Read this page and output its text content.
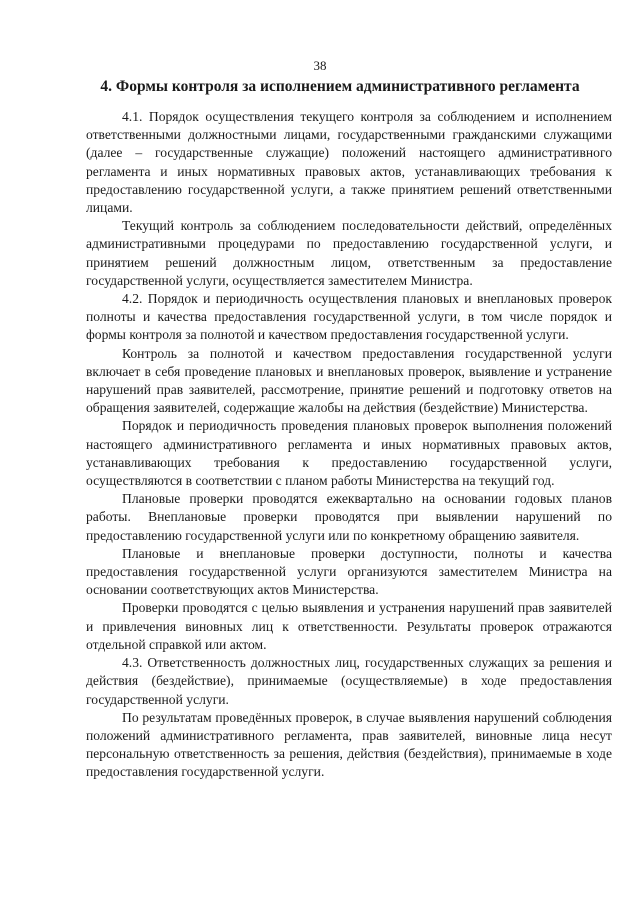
38
4. Формы контроля за исполнением административного регламента

4.1. Порядок осуществления текущего контроля за соблюдением и исполнением ответственными должностными лицами, государственными гражданскими служащими (далее – государственные служащие) положений настоящего административного регламента и иных нормативных правовых актов, устанавливающих требования к предоставлению государственной услуги, а также принятием решений ответственными лицами.

Текущий контроль за соблюдением последовательности действий, определённых административными процедурами по предоставлению государственной услуги, и принятием решений должностным лицом, ответственным за предоставление государственной услуги, осуществляется заместителем Министра.

4.2. Порядок и периодичность осуществления плановых и внеплановых проверок полноты и качества предоставления государственной услуги, в том числе порядок и формы контроля за полнотой и качеством предоставления государственной услуги.

Контроль за полнотой и качеством предоставления государственной услуги включает в себя проведение плановых и внеплановых проверок, выявление и устранение нарушений прав заявителей, рассмотрение, принятие решений и подготовку ответов на обращения заявителей, содержащие жалобы на действия (бездействие) Министерства.

Порядок и периодичность проведения плановых проверок выполнения положений настоящего административного регламента и иных нормативных правовых актов, устанавливающих требования к предоставлению государственной услуги, осуществляются в соответствии с планом работы Министерства на текущий год.

Плановые проверки проводятся ежеквартально на основании годовых планов работы. Внеплановые проверки проводятся при выявлении нарушений по предоставлению государственной услуги или по конкретному обращению заявителя.

Плановые и внеплановые проверки доступности, полноты и качества предоставления государственной услуги организуются заместителем Министра на основании соответствующих актов Министерства.

Проверки проводятся с целью выявления и устранения нарушений прав заявителей и привлечения виновных лиц к ответственности. Результаты проверок отражаются отдельной справкой или актом.

4.3. Ответственность должностных лиц, государственных служащих за решения и действия (бездействие), принимаемые (осуществляемые) в ходе предоставления государственной услуги.

По результатам проведённых проверок, в случае выявления нарушений соблюдения положений административного регламента, прав заявителей, виновные лица несут персональную ответственность за решения, действия (бездействия), принимаемые в ходе предоставления государственной услуги.
